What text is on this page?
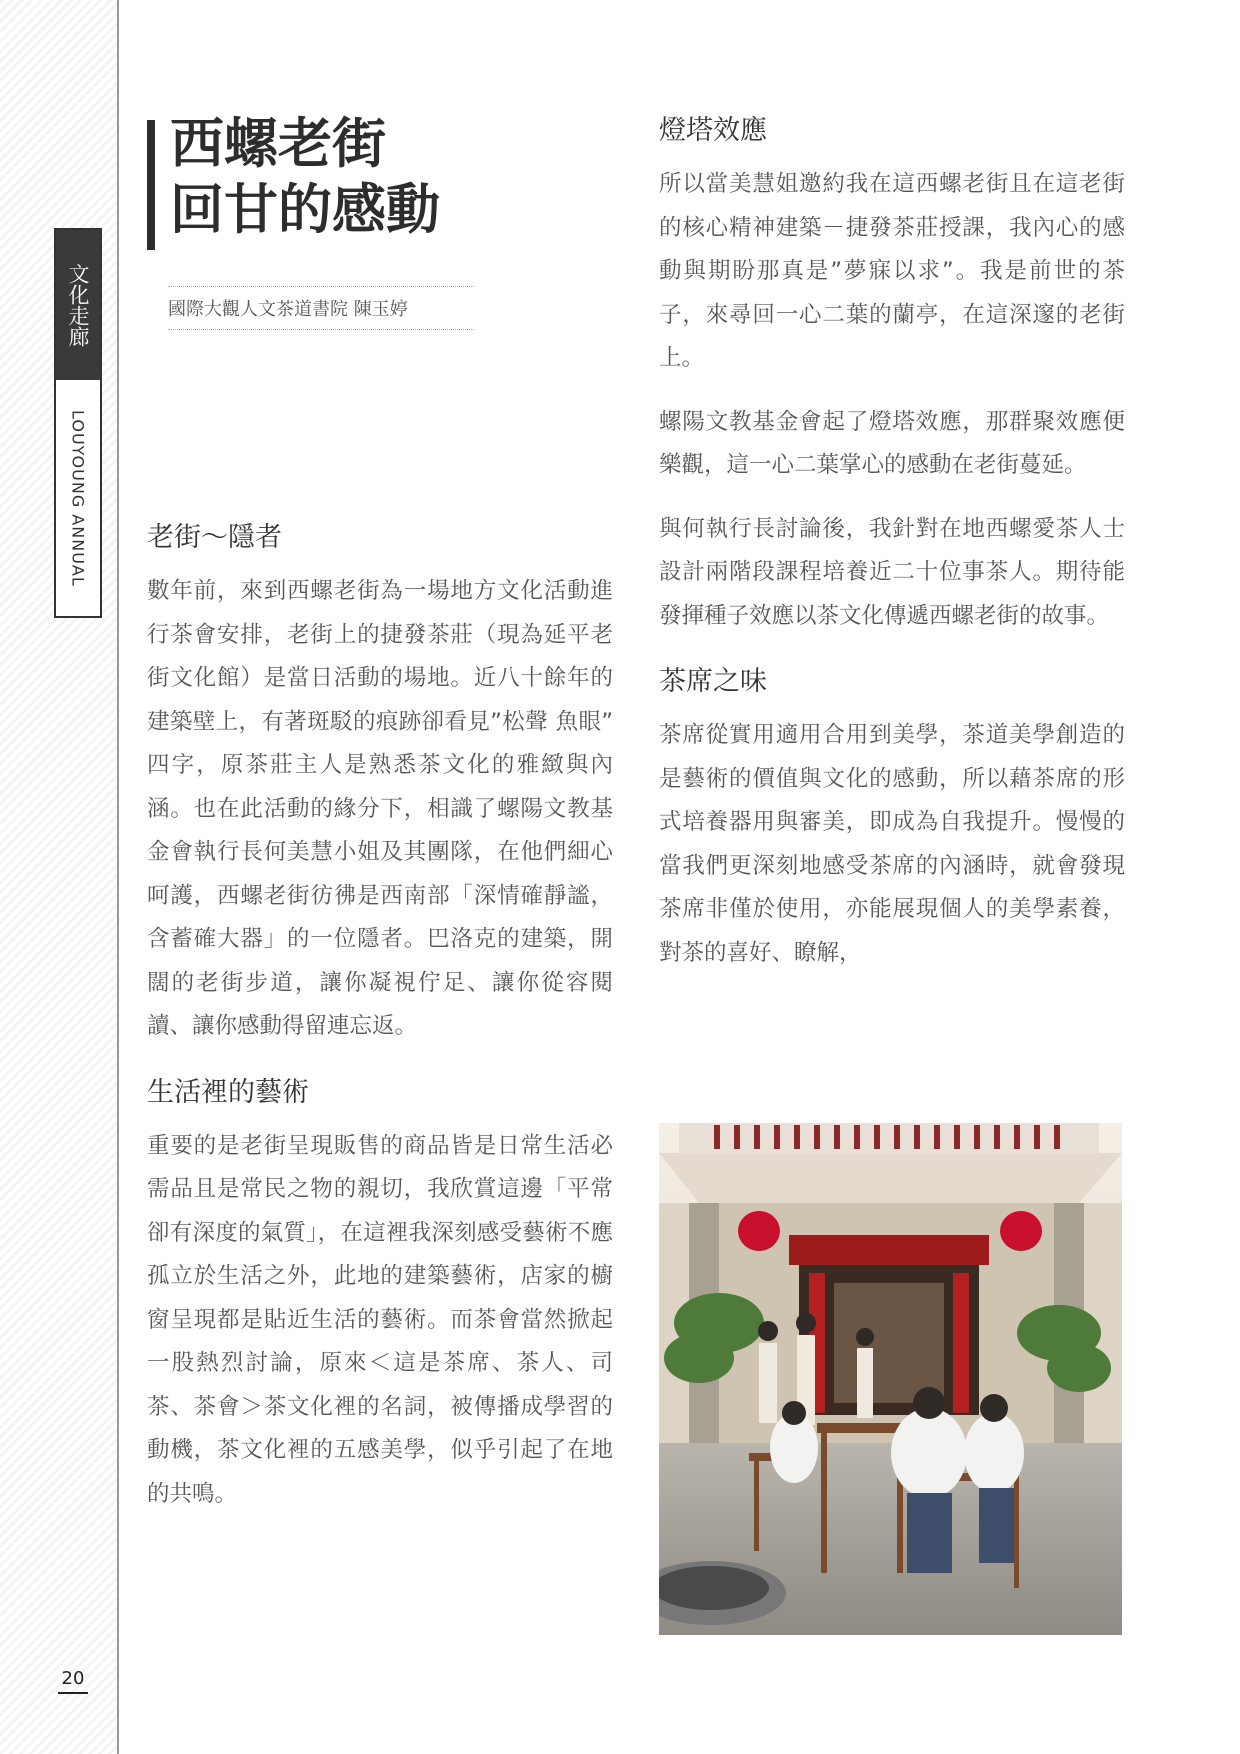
文化走廊
LOUYOUNG ANNUAL
20
西螺老街
回甘的感動
國際大觀人文茶道書院 陳玉婷
老街～隱者

數年前，來到西螺老街為一場地方文化活動進行茶會安排，老街上的捷發茶莊（現為延平老街文化館）是當日活動的場地。近八十餘年的建築壁上，有著斑駁的痕跡卻看見”松聲 魚眼” 四字，原茶莊主人是熟悉茶文化的雅緻與內涵。也在此活動的緣分下，相識了螺陽文教基金會執行長何美慧小姐及其團隊，在他們細心呵護，西螺老街彷彿是西南部「深情確靜謐，含蓄確大器」的一位隱者。巴洛克的建築，開闊的老街步道，讓你凝視佇足、讓你從容閱讀、讓你感動得留連忘返。

生活裡的藝術

重要的是老街呈現販售的商品皆是日常生活必需品且是常民之物的親切，我欣賞這邊「平常卻有深度的氣質」，在這裡我深刻感受藝術不應孤立於生活之外，此地的建築藝術，店家的櫥窗呈現都是貼近生活的藝術。而茶會當然掀起一股熱烈討論，原來＜這是茶席、茶人、司茶、茶會＞茶文化裡的名詞，被傳播成學習的動機，茶文化裡的五感美學，似乎引起了在地的共鳴。

燈塔效應

所以當美慧姐邀約我在這西螺老街且在這老街的核心精神建築－捷發茶莊授課，我內心的感動與期盼那真是”夢寐以求”。我是前世的茶子，來尋回一心二葉的蘭亭，在這深邃的老街上。

螺陽文教基金會起了燈塔效應，那群聚效應便樂觀，這一心二葉掌心的感動在老街蔓延。

與何執行長討論後，我針對在地西螺愛茶人士設計兩階段課程培養近二十位事茶人。期待能發揮種子效應以茶文化傳遞西螺老街的故事。

茶席之味

茶席從實用適用合用到美學，茶道美學創造的是藝術的價值與文化的感動，所以藉茶席的形式培養器用與審美，即成為自我提升。慢慢的當我們更深刻地感受茶席的內涵時，就會發現茶席非僅於使用，亦能展現個人的美學素養，對茶的喜好、瞭解，
